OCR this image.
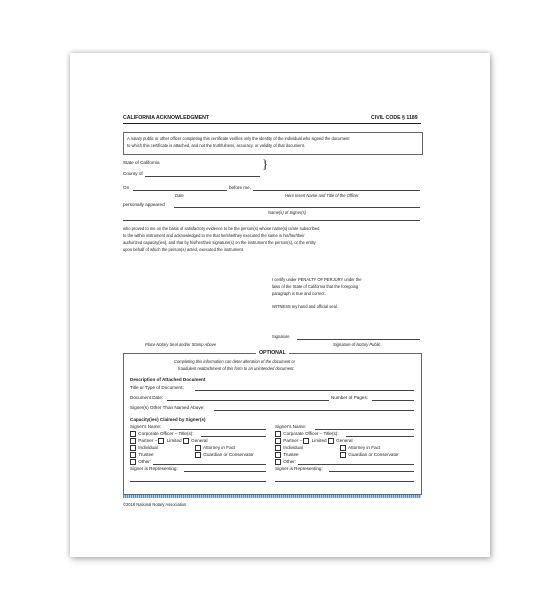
CALIFORNIA ACKNOWLEDGMENT	CIVIL CODE § 1189
A notary public or other officer completing this certificate verifies only the identity of the individual who signed the document
to which this certificate is attached, and not the truthfulness, accuracy, or validity of that document.
State of California
County of
}
On	before me,
Date	Here Insert Name and Title of the Officer
personally appeared
Name(s) of Signer(s)
who proved to me on the basis of satisfactory evidence to be the person(s) whose name(s) is/are subscribed
to the within instrument and acknowledged to me that he/she/they executed the same in his/her/their
authorized capacity(ies), and that by his/her/their signature(s) on the instrument the person(s), or the entity
upon behalf of which the person(s) acted, executed the instrument.
I certify under PENALTY OF PERJURY under the
laws of the State of California that the foregoing
paragraph is true and correct.
WITNESS my hand and official seal.
Signature
Signature of Notary Public
Place Notary Seal and/or Stamp Above
OPTIONAL
Completing this information can deter alteration of the document or
fraudulent reattachment of this form to an unintended document.
Description of Attached Document
Title or Type of Document:
Document Date:	Number of Pages:
Signer(s) Other Than Named Above:
Capacity(ies) Claimed by Signer(s)
Signer's Name:
Corporate Officer – Title(s):
Partner – Limited General
Individual	Attorney in Fact
Trustee	Guardian or Conservator
Other:
Signer is Representing:
Signer's Name:
Corporate Officer – Title(s):
Partner – Limited General
Individual	Attorney in Fact
Trustee	Guardian or Conservator
Other:
Signer is Representing:
©2018 National Notary Association
